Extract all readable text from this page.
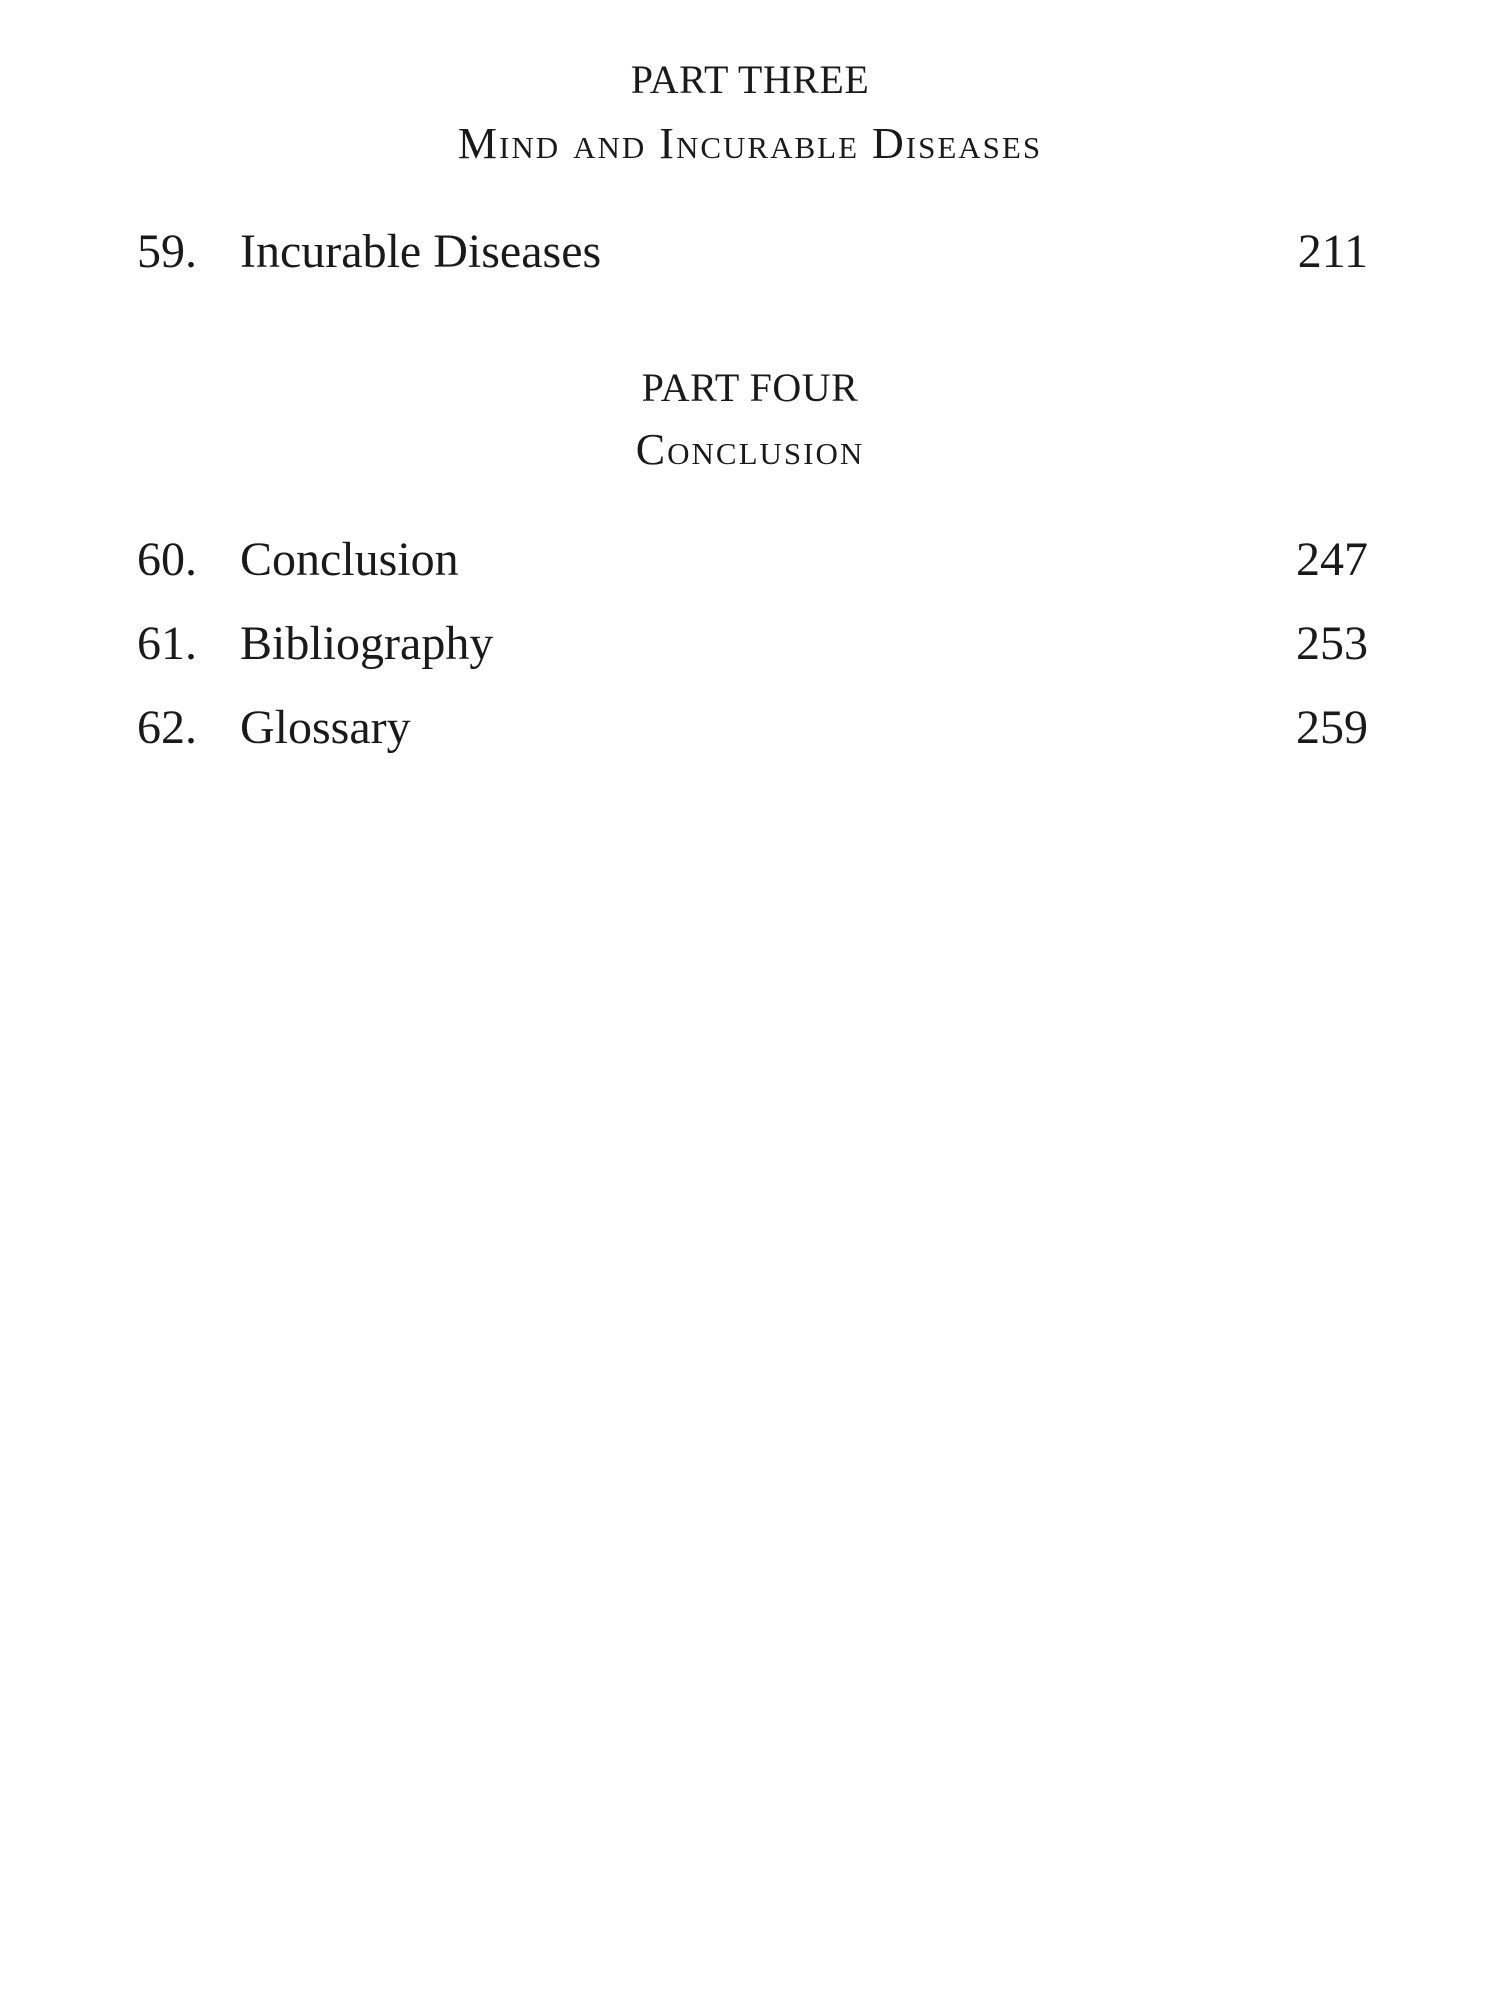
PART THREE
Mind and Incurable Diseases
59. Incurable Diseases	211
PART FOUR
Conclusion
60. Conclusion	247
61. Bibliography	253
62. Glossary	259
